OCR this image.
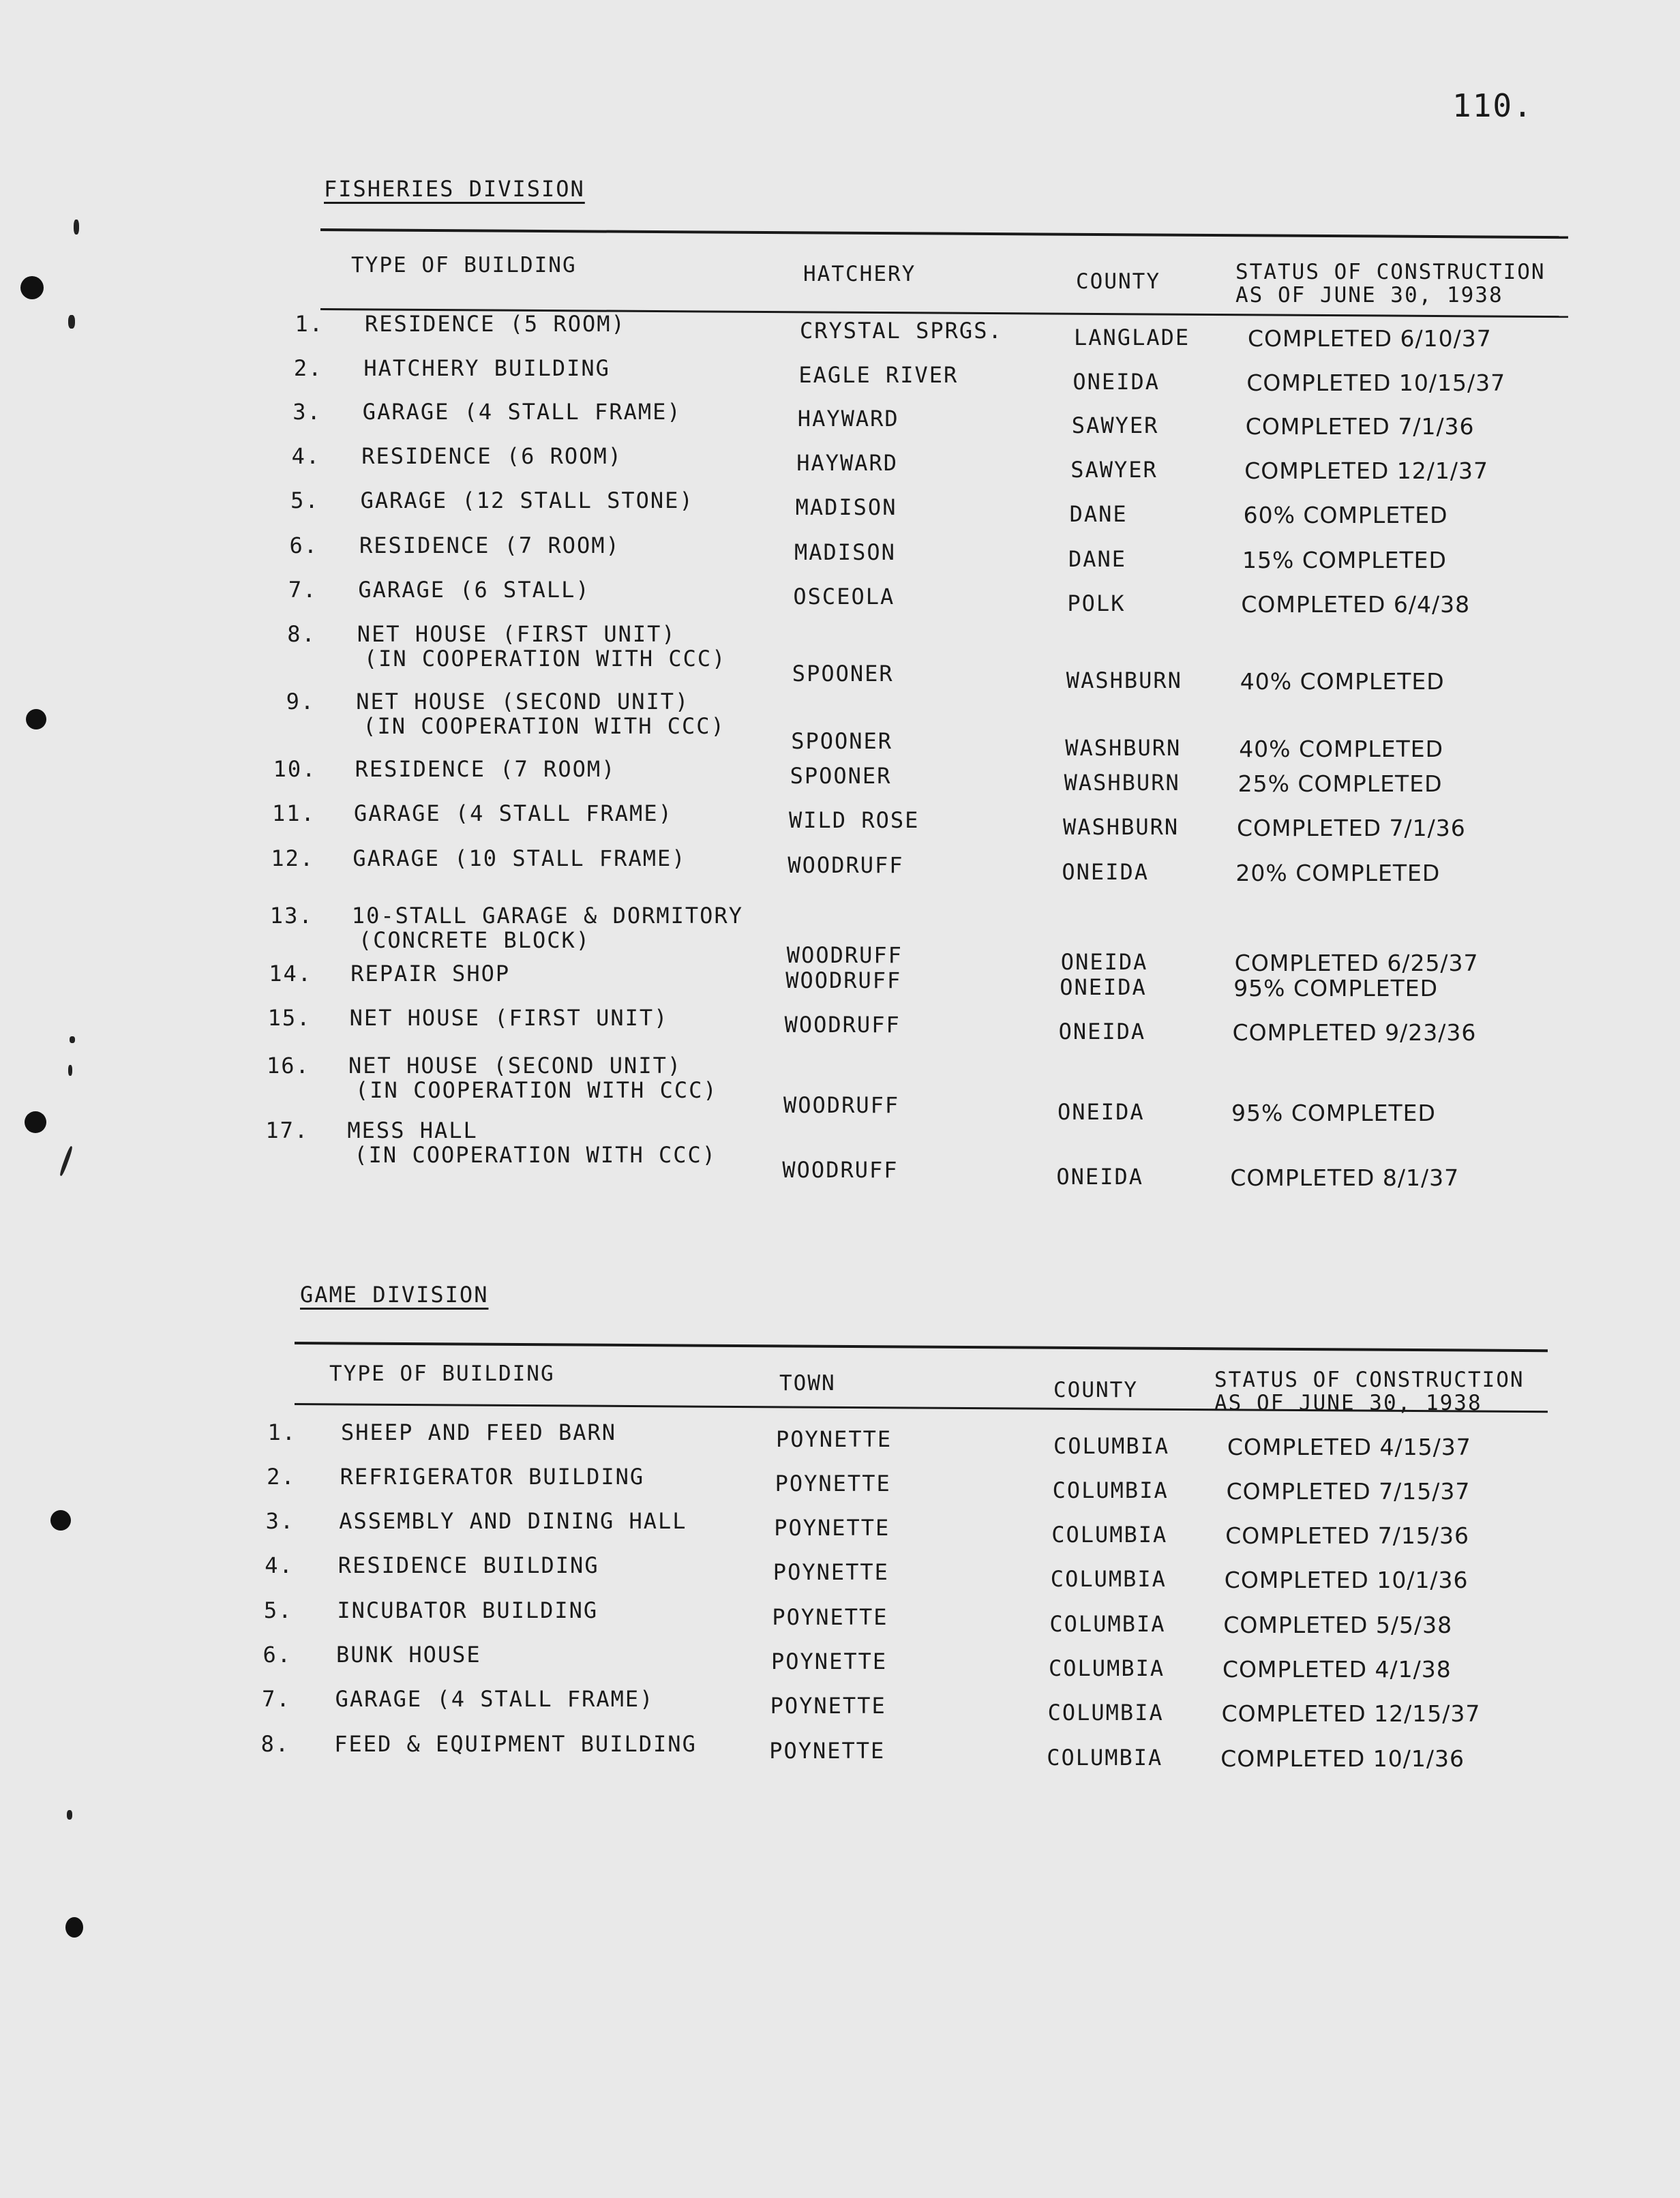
110.
FISHERIES DIVISION
TYPE OF BUILDING	HATCHERY	COUNTY	STATUS OF CONSTRUCTION
AS OF JUNE 30, 1938
1. RESIDENCE (5 ROOM)	CRYSTAL SPRGS.	LANGLADE	COMPLETED 6/10/37
2. HATCHERY BUILDING	EAGLE RIVER	ONEIDA	COMPLETED 10/15/37
3. GARAGE (4 STALL FRAME)	HAYWARD	SAWYER	COMPLETED 7/1/36
4. RESIDENCE (6 ROOM)	HAYWARD	SAWYER	COMPLETED 12/1/37
5. GARAGE (12 STALL STONE)	MADISON	DANE	60% COMPLETED
6. RESIDENCE (7 ROOM)	MADISON	DANE	15% COMPLETED
7. GARAGE (6 STALL)	OSCEOLA	POLK	COMPLETED 6/4/38
8. NET HOUSE (FIRST UNIT)
(IN COOPERATION WITH CCC)
SPOONER	WASHBURN	40% COMPLETED
9. NET HOUSE (SECOND UNIT)
(IN COOPERATION WITH CCC)
SPOONER	WASHBURN	40% COMPLETED
10. RESIDENCE (7 ROOM)	SPOONER	WASHBURN	25% COMPLETED
11. GARAGE (4 STALL FRAME)	WILD ROSE	WASHBURN	COMPLETED 7/1/36
12. GARAGE (10 STALL FRAME)	WOODRUFF	ONEIDA	20% COMPLETED
13. 10-STALL GARAGE & DORMITORY
(CONCRETE BLOCK)
WOODRUFF	ONEIDA	COMPLETED 6/25/37
14. REPAIR SHOP	WOODRUFF	ONEIDA	95% COMPLETED
15. NET HOUSE (FIRST UNIT)	WOODRUFF	ONEIDA	COMPLETED 9/23/36
16. NET HOUSE (SECOND UNIT)
(IN COOPERATION WITH CCC)
WOODRUFF	ONEIDA	95% COMPLETED
17. MESS HALL
(IN COOPERATION WITH CCC)
WOODRUFF	ONEIDA	COMPLETED 8/1/37
GAME DIVISION
TYPE OF BUILDING	TOWN	COUNTY	STATUS OF CONSTRUCTION
AS OF JUNE 30, 1938
1. SHEEP AND FEED BARN	POYNETTE	COLUMBIA	COMPLETED 4/15/37
2. REFRIGERATOR BUILDING	POYNETTE	COLUMBIA	COMPLETED 7/15/37
3. ASSEMBLY AND DINING HALL	POYNETTE	COLUMBIA	COMPLETED 7/15/36
4. RESIDENCE BUILDING	POYNETTE	COLUMBIA	COMPLETED 10/1/36
5. INCUBATOR BUILDING	POYNETTE	COLUMBIA	COMPLETED 5/5/38
6. BUNK HOUSE	POYNETTE	COLUMBIA	COMPLETED 4/1/38
7. GARAGE (4 STALL FRAME)	POYNETTE	COLUMBIA	COMPLETED 12/15/37
8. FEED & EQUIPMENT BUILDING	POYNETTE	COLUMBIA	COMPLETED 10/1/36
